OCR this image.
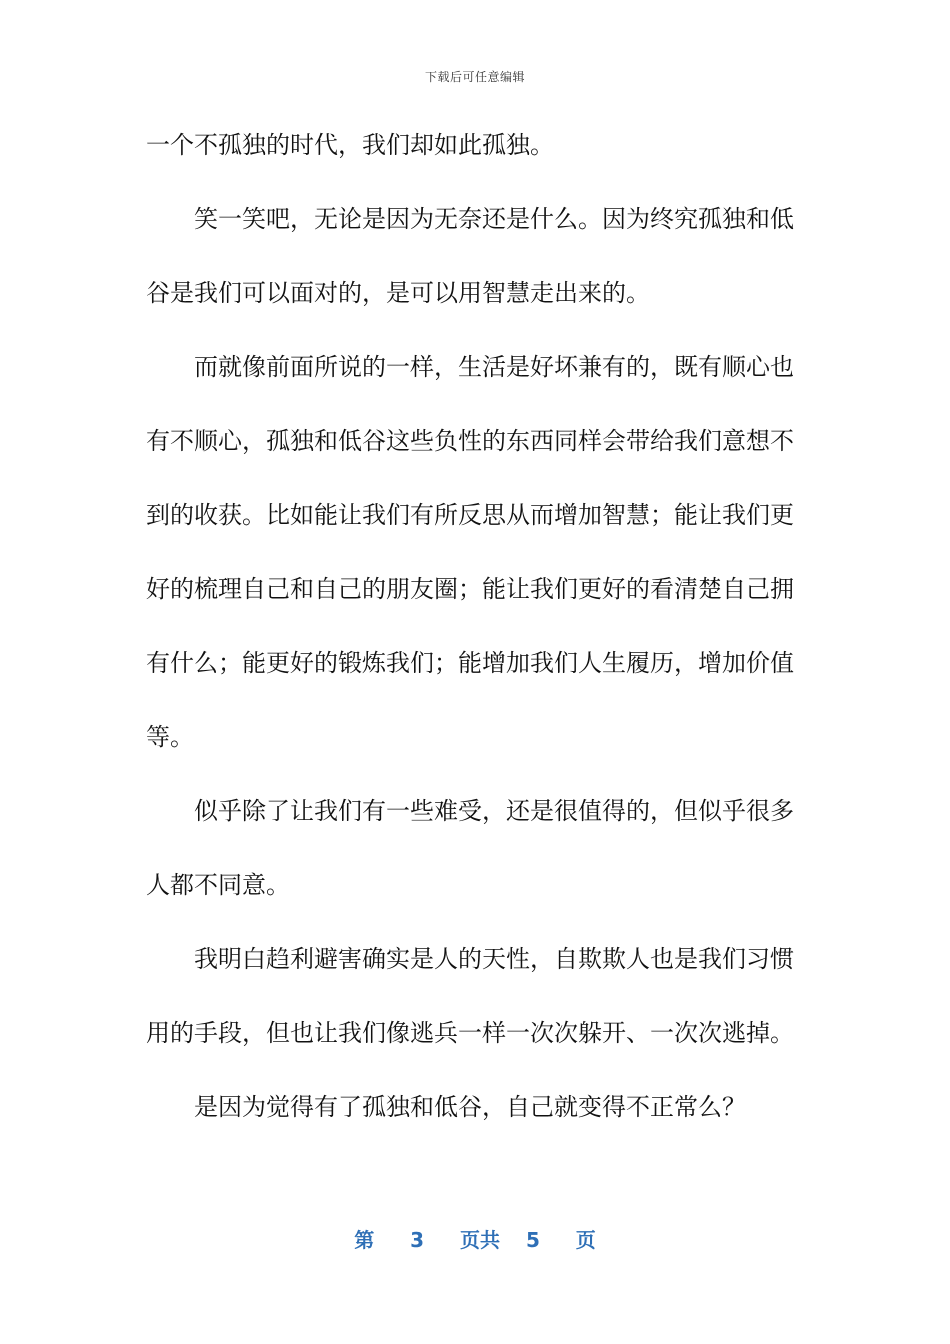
下载后可任意编辑
一个不孤独的时代，我们却如此孤独。
笑一笑吧，无论是因为无奈还是什么。因为终究孤独和低
谷是我们可以面对的，是可以用智慧走出来的。
而就像前面所说的一样，生活是好坏兼有的，既有顺心也
有不顺心，孤独和低谷这些负性的东西同样会带给我们意想不
到的收获。比如能让我们有所反思从而增加智慧；能让我们更
好的梳理自己和自己的朋友圈；能让我们更好的看清楚自己拥
有什么；能更好的锻炼我们；能增加我们人生履历，增加价值
等。
似乎除了让我们有一些难受，还是很值得的，但似乎很多
人都不同意。
我明白趋利避害确实是人的天性，自欺欺人也是我们习惯
用的手段，但也让我们像逃兵一样一次次躲开、一次次逃掉。
是因为觉得有了孤独和低谷，自己就变得不正常么？
第 3 页共 5 页
